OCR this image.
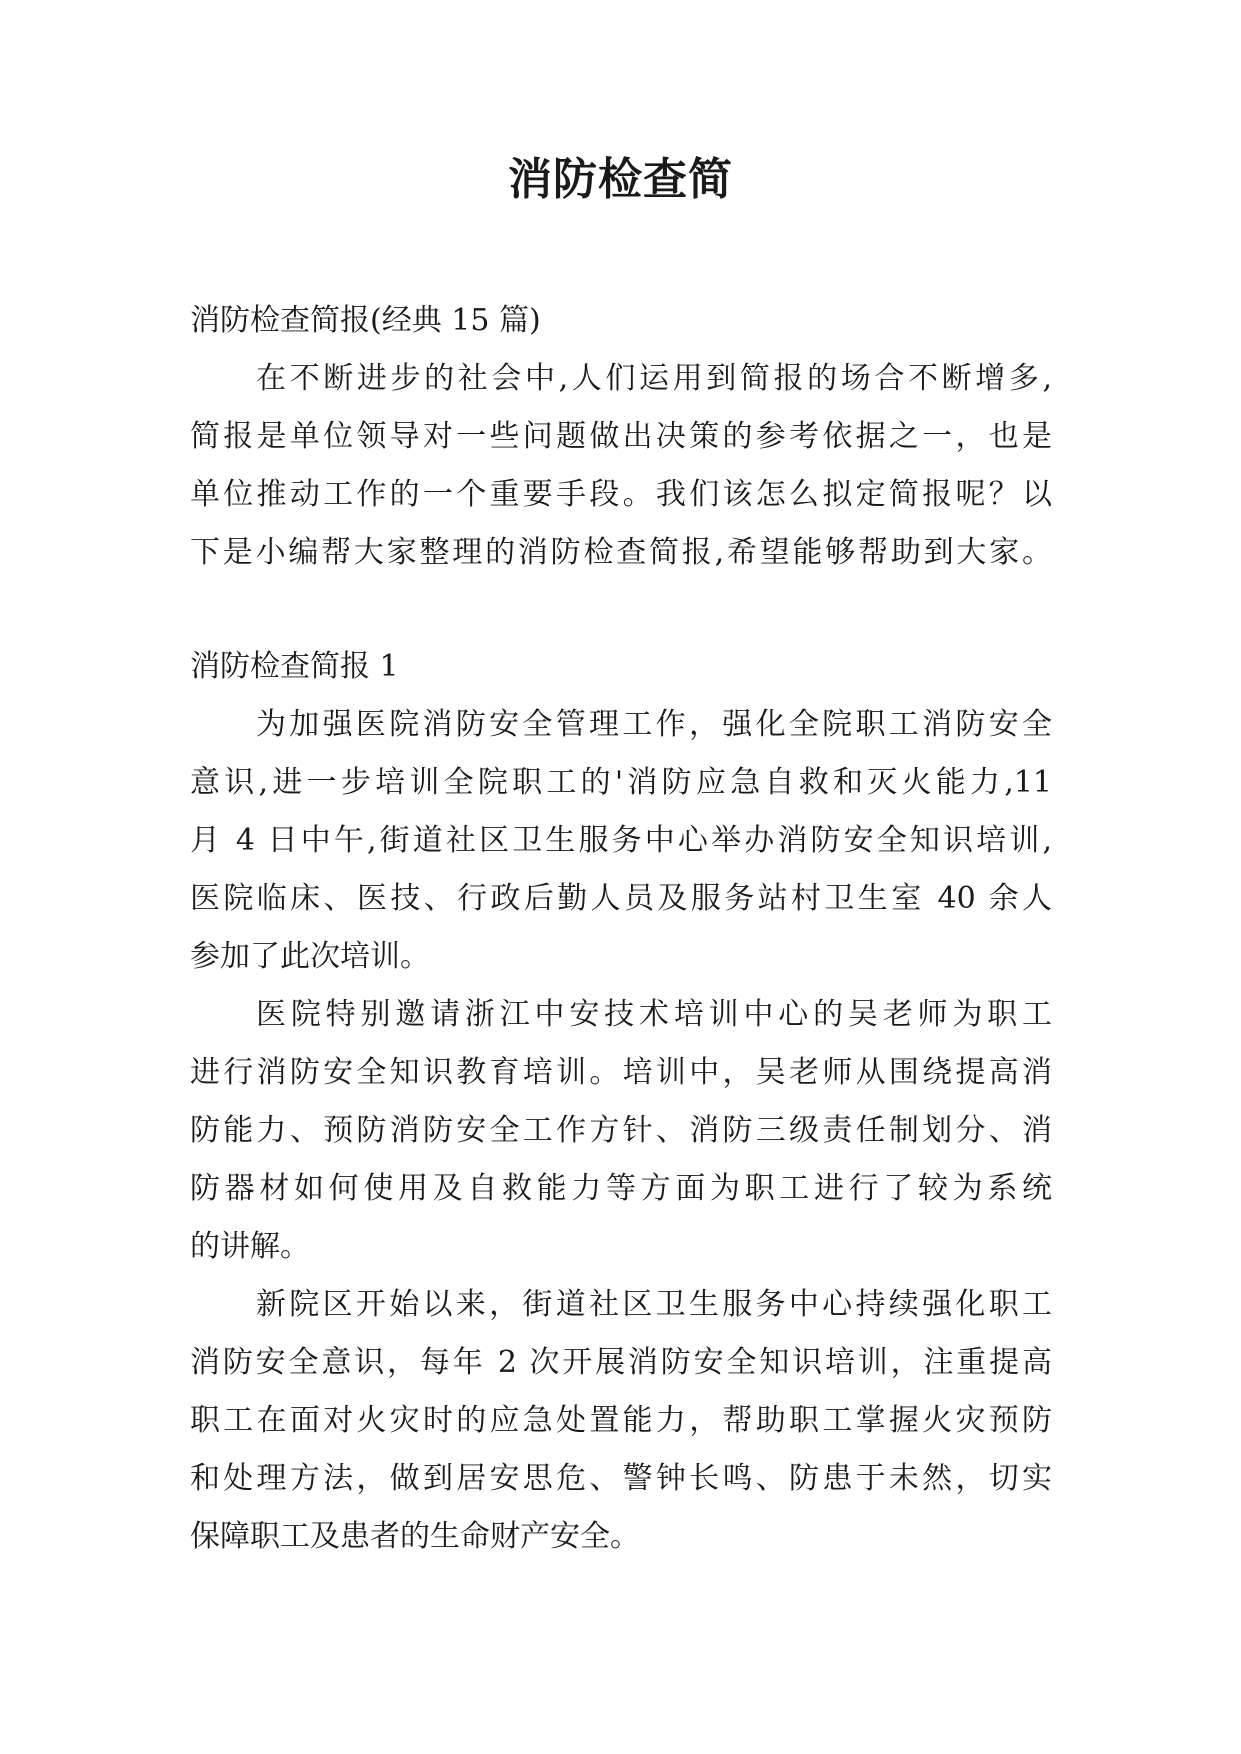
消防检查简

消防检查简报(经典 15 篇)

在不断进步的社会中,人们运用到简报的场合不断增多,

简报是单位领导对一些问题做出决策的参考依据之一，也是

单位推动工作的一个重要手段。我们该怎么拟定简报呢？以

下是小编帮大家整理的消防检查简报,希望能够帮助到大家。

消防检查简报 1

为加强医院消防安全管理工作，强化全院职工消防安全

意识,进一步培训全院职工的'消防应急自救和灭火能力,11

月 4 日中午,街道社区卫生服务中心举办消防安全知识培训,

医院临床、医技、行政后勤人员及服务站村卫生室 40 余人

参加了此次培训。

医院特别邀请浙江中安技术培训中心的吴老师为职工

进行消防安全知识教育培训。培训中，吴老师从围绕提高消

防能力、预防消防安全工作方针、消防三级责任制划分、消

防器材如何使用及自救能力等方面为职工进行了较为系统

的讲解。

新院区开始以来，街道社区卫生服务中心持续强化职工

消防安全意识，每年 2 次开展消防安全知识培训，注重提高

职工在面对火灾时的应急处置能力，帮助职工掌握火灾预防

和处理方法，做到居安思危、警钟长鸣、防患于未然，切实

保障职工及患者的生命财产安全。
